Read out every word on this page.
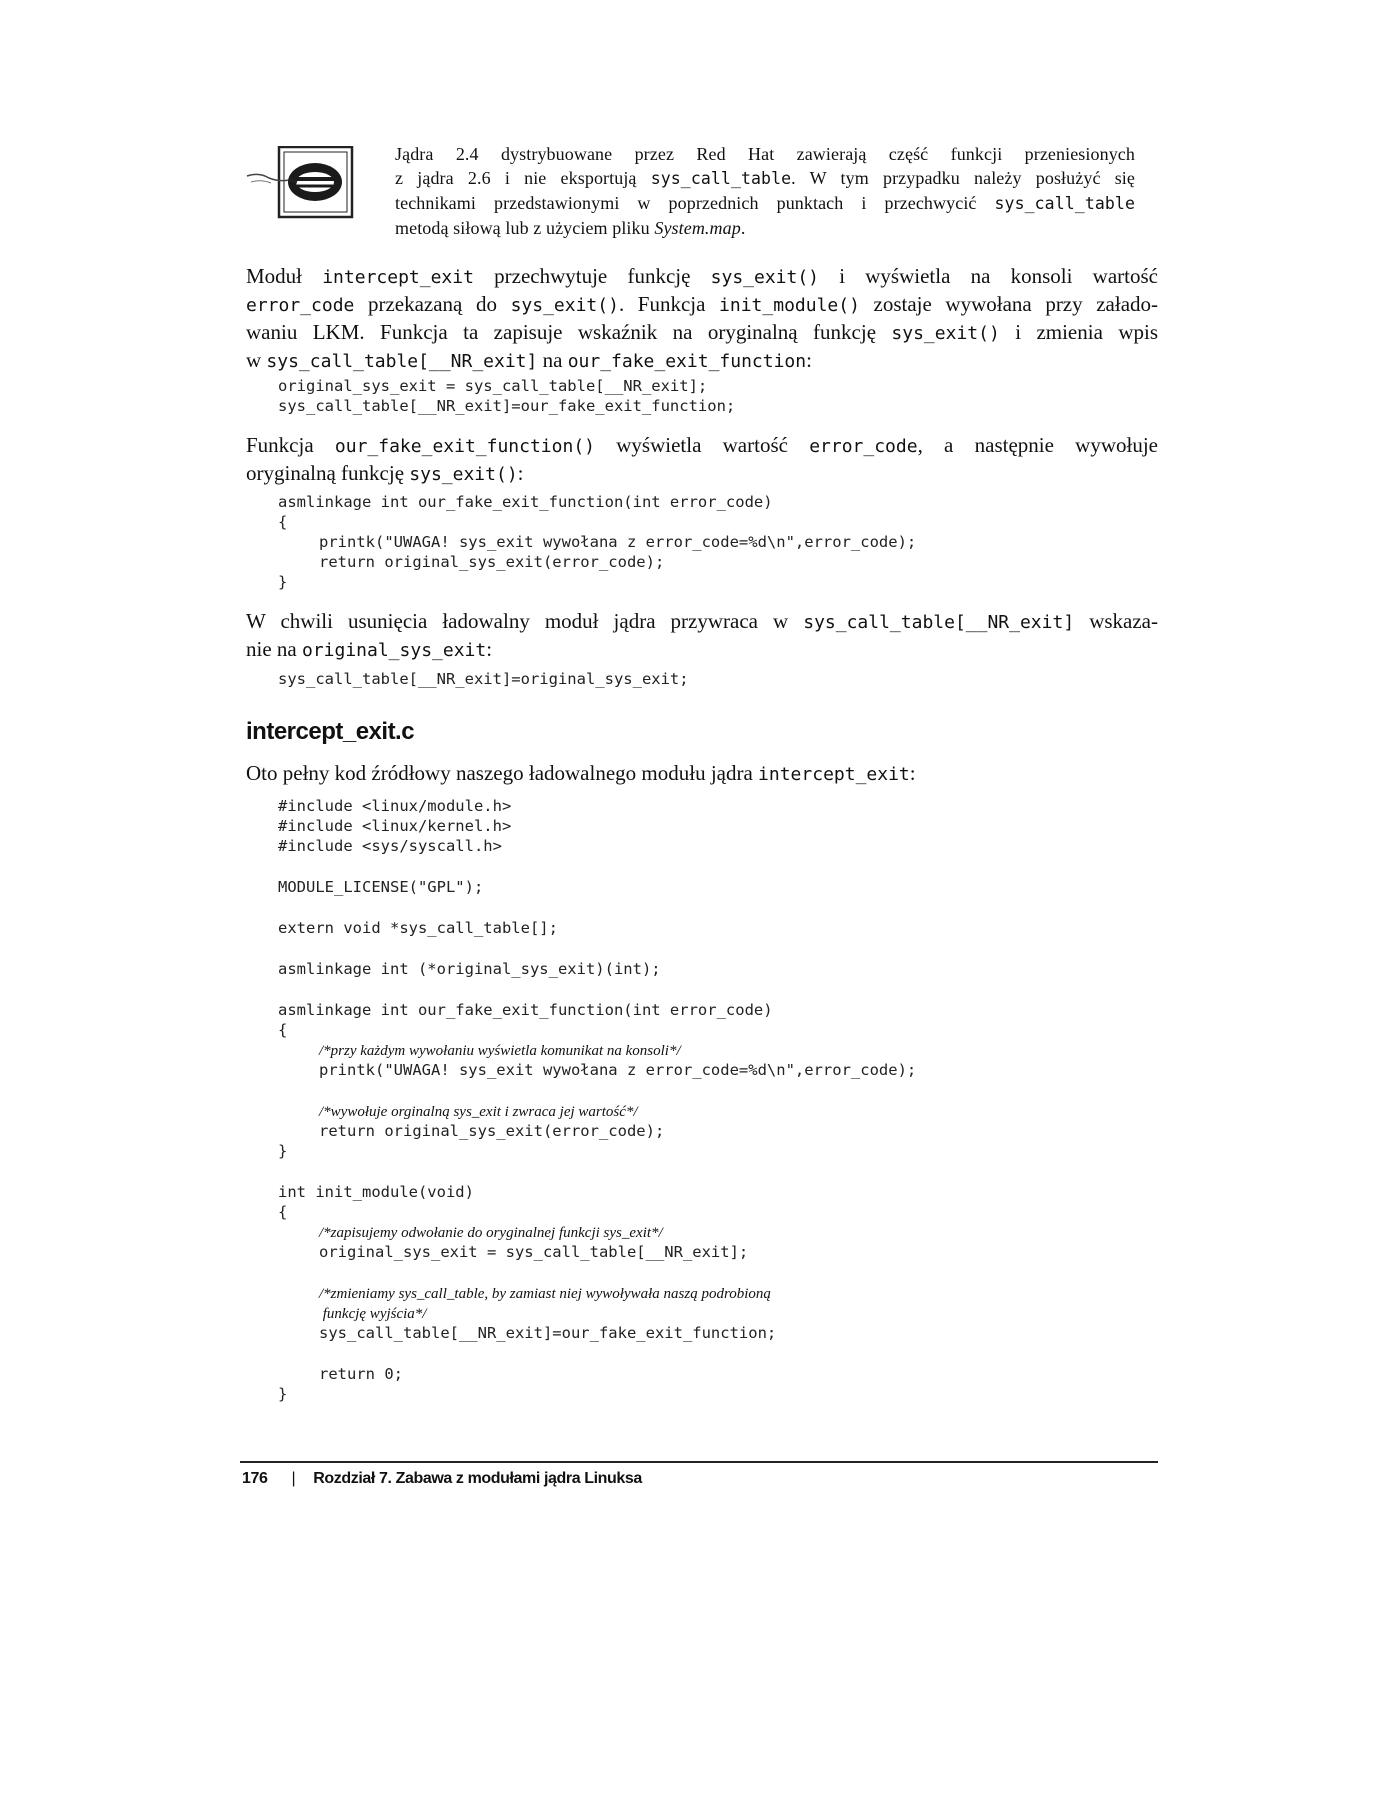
Jądra 2.4 dystrybuowane przez Red Hat zawierają część funkcji przeniesionych
z jądra 2.6 i nie eksportują sys_call_table. W tym przypadku należy posłużyć się
technikami przedstawionymi w poprzednich punktach i przechwycić sys_call_table
metodą siłową lub z użyciem pliku System.map.
Moduł intercept_exit przechwytuje funkcję sys_exit() i wyświetla na konsoli wartość
error_code przekazaną do sys_exit(). Funkcja init_module() zostaje wywołana przy załado-
waniu LKM. Funkcja ta zapisuje wskaźnik na oryginalną funkcję sys_exit() i zmienia wpis
w sys_call_table[__NR_exit] na our_fake_exit_function:
original_sys_exit = sys_call_table[__NR_exit];
sys_call_table[__NR_exit]=our_fake_exit_function;
Funkcja our_fake_exit_function() wyświetla wartość error_code, a następnie wywołuje
oryginalną funkcję sys_exit():
asmlinkage int our_fake_exit_function(int error_code)
{
printk("UWAGA! sys_exit wywołana z error_code=%d\n",error_code);
return original_sys_exit(error_code);
}
W chwili usunięcia ładowalny moduł jądra przywraca w sys_call_table[__NR_exit] wskaza-
nie na original_sys_exit:
sys_call_table[__NR_exit]=original_sys_exit;
intercept_exit.c
Oto pełny kod źródłowy naszego ładowalnego modułu jądra intercept_exit:
#include <linux/module.h>
#include <linux/kernel.h>
#include <sys/syscall.h>
MODULE_LICENSE("GPL");
extern void *sys_call_table[];
asmlinkage int (*original_sys_exit)(int);
asmlinkage int our_fake_exit_function(int error_code)
{
/*przy każdym wywołaniu wyświetla komunikat na konsoli*/
printk("UWAGA! sys_exit wywołana z error_code=%d\n",error_code);
/*wywołuje orginalną sys_exit i zwraca jej wartość*/
return original_sys_exit(error_code);
}
int init_module(void)
{
/*zapisujemy odwołanie do oryginalnej funkcji sys_exit*/
original_sys_exit = sys_call_table[__NR_exit];
/*zmieniamy sys_call_table, by zamiast niej wywoływała naszą podrobioną
funkcję wyjścia*/
sys_call_table[__NR_exit]=our_fake_exit_function;
return 0;
}
176 | Rozdział 7. Zabawa z modułami jądra Linuksa
